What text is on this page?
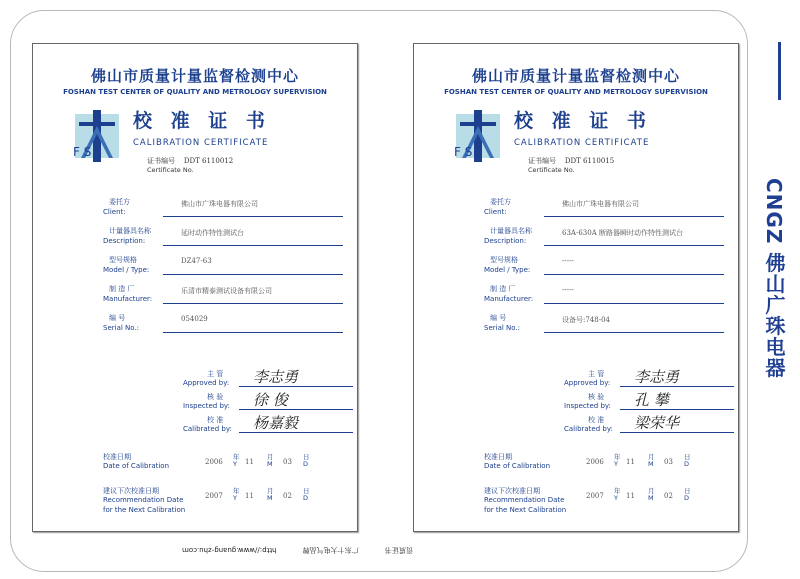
佛山市质量计量监督检测中心
FOSHAN TEST CENTER OF QUALITY AND METROLOGY SUPERVISION
F S
校 准 证 书
CALIBRATION CERTIFICATE
证书编号 DDT 6110012
Certificate No.
委托方
Client:
佛山市广珠电器有限公司
计量器具名称
Description:
延时动作特性测试台
型号规格
Model / Type:
DZ47-63
制 造 厂
Manufacturer:
乐清市精泰测试设备有限公司
编 号
Serial No.:
054029
主 管
Approved by: 李志勇
核 验
Inspected by: 徐 俊
校 准
Calibrated by: 杨嘉毅
校准日期
Date of Calibration	2006
年
Y 11
月
M 03
日
D
建议下次校准日期
Recommendation Date
for the Next Calibration
2007
年
Y 11
月
M 02
日
D
佛山市质量计量监督检测中心
FOSHAN TEST CENTER OF QUALITY AND METROLOGY SUPERVISION
F S
校 准 证 书
CALIBRATION CERTIFICATE
证书编号 DDT 6110015
Certificate No.
委托方
Client:
佛山市广珠电器有限公司
计量器具名称
Description:
63A-630A 断路器瞬时动作特性测试台
型号规格
Model / Type:
-----
制 造 厂
Manufacturer:
-----
编 号
Serial No.:
设备号:748-04
主 管
Approved by: 李志勇
核 验
Inspected by: 孔 攀
校 准
Calibrated by: 梁荣华
校准日期
Date of Calibration	2006
年
Y 11
月
M 03
日
D
建议下次校准日期
Recommendation Date
for the Next Calibration
2007
年
Y 11
月
M 02
日
D
资质证书 广东十大电气品牌 http://www.guang-zhu.com
CNGZ 佛山广珠电器
